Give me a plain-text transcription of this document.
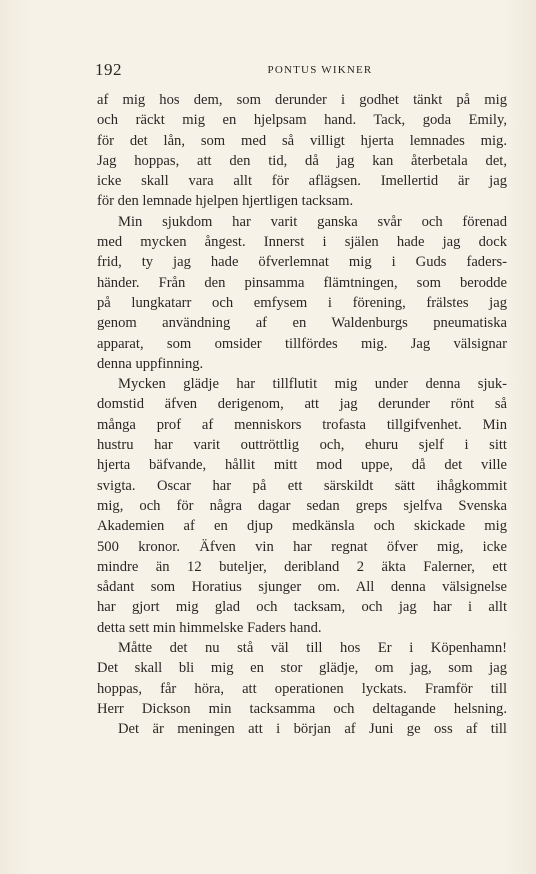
192	PONTUS WIKNER
af mig hos dem, som derunder i godhet tänkt på mig
och räckt mig en hjelpsam hand. Tack, goda Emily,
för det lån, som med så villigt hjerta lemnades mig.
Jag hoppas, att den tid, då jag kan återbetala det,
icke skall vara allt för aflägsen. Imellertid är jag
för den lemnade hjelpen hjertligen tacksam.
Min sjukdom har varit ganska svår och förenad
med mycken ångest. Innerst i själen hade jag dock
frid, ty jag hade öfverlemnat mig i Guds faders-
händer. Från den pinsamma flämtningen, som berodde
på lungkatarr och emfysem i förening, frälstes jag
genom användning af en Waldenburgs pneumatiska
apparat, som omsider tillfördes mig. Jag välsignar
denna uppfinning.
Mycken glädje har tillflutit mig under denna sjuk-
domstid äfven derigenom, att jag derunder rönt så
många prof af menniskors trofasta tillgifvenhet. Min
hustru har varit outtröttlig och, ehuru sjelf i sitt
hjerta bäfvande, hållit mitt mod uppe, då det ville
svigta. Oscar har på ett särskildt sätt ihågkommit
mig, och för några dagar sedan greps sjelfva Svenska
Akademien af en djup medkänsla och skickade mig
500 kronor. Äfven vin har regnat öfver mig, icke
mindre än 12 buteljer, deribland 2 äkta Falerner, ett
sådant som Horatius sjunger om. All denna välsignelse
har gjort mig glad och tacksam, och jag har i allt
detta sett min himmelske Faders hand.
Måtte det nu stå väl till hos Er i Köpenhamn!
Det skall bli mig en stor glädje, om jag, som jag
hoppas, får höra, att operationen lyckats. Framför till
Herr Dickson min tacksamma och deltagande helsning.
Det är meningen att i början af Juni ge oss af till
